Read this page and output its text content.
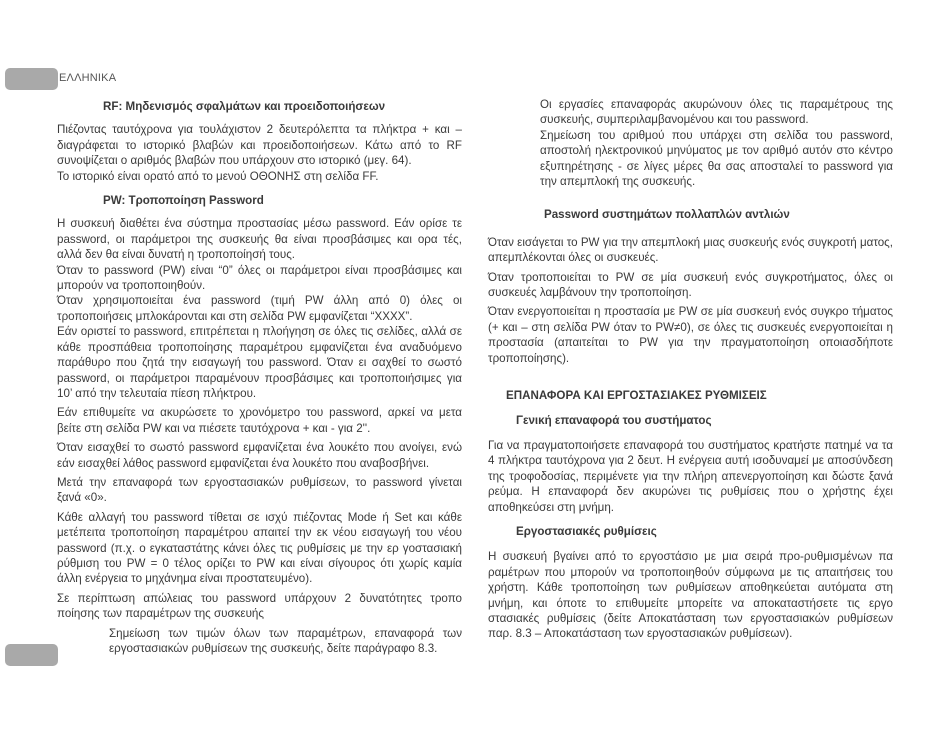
ΕΛΛΗΝΙΚΑ
RF: Μηδενισμός σφαλμάτων και προειδοποιήσεων

Πιέζοντας ταυτόχρονα για τουλάχιστον 2 δευτερόλεπτα τα πλήκτρα + και – διαγράφεται το ιστορικό βλαβών και προειδοποιήσεων. Κάτω από το RF συνοψίζεται ο αριθμός βλαβών που υπάρχουν στο ιστορικό (μεγ. 64).

Το ιστορικό είναι ορατό από το μενού ΟΘΟΝΗΣ στη σελίδα FF.

PW: Τροποποίηση Password

Η συσκευή διαθέτει ένα σύστημα προστασίας μέσω password. Εάν ορίσε τε password, οι παράμετροι της συσκευής θα είναι προσβάσιμες και ορα τές, αλλά δεν θα είναι δυνατή η τροποποίησή τους.

Όταν το password (PW) είναι “0” όλες οι παράμετροι είναι προσβάσιμες και μπορούν να τροποποιηθούν.

Όταν χρησιμοποιείται ένα password (τιμή PW άλλη από 0) όλες οι τροποποιήσεις μπλοκάρονται και στη σελίδα PW εμφανίζεται “XXXX”.

Εάν οριστεί το password, επιτρέπεται η πλοήγηση σε όλες τις σελίδες, αλλά σε κάθε προσπάθεια τροποποίησης παραμέτρου εμφανίζεται ένα αναδυόμενο παράθυρο που ζητά την εισαγωγή του password. Όταν ει σαχθεί το σωστό password, οι παράμετροι παραμένουν προσβάσιμες και τροποποιήσιμες για 10’ από την τελευταία πίεση πλήκτρου.

Εάν επιθυμείτε να ακυρώσετε το χρονόμετρο του password, αρκεί να μετα βείτε στη σελίδα PW και να πιέσετε ταυτόχρονα + και - για 2''.

Όταν εισαχθεί το σωστό password εμφανίζεται ένα λουκέτο που ανοίγει, ενώ εάν εισαχθεί λάθος password εμφανίζεται ένα λουκέτο που αναβοσβήνει.

Μετά την επαναφορά των εργοστασιακών ρυθμίσεων, το password γίνεται ξανά «0».

Κάθε αλλαγή του password τίθεται σε ισχύ πιέζοντας Mode ή Set και κάθε μετέπειτα τροποποίηση παραμέτρου απαιτεί την εκ νέου εισαγωγή του νέου password (π.χ. ο εγκαταστάτης κάνει όλες τις ρυθμίσεις με την ερ γοστασιακή ρύθμιση του PW = 0 τέλος ορίζει το PW και είναι σίγουρος ότι χωρίς καμία άλλη ενέργεια το μηχάνημα είναι προστατευμένο).

Σε περίπτωση απώλειας του password υπάρχουν 2 δυνατότητες τροπο ποίησης των παραμέτρων της συσκευής

Σημείωση των τιμών όλων των παραμέτρων, επαναφορά των εργοστασιακών ρυθμίσεων της συσκευής, δείτε παράγραφο 8.3.

Οι εργασίες επαναφοράς ακυρώνουν όλες τις παραμέτρους της συσκευής, συμπεριλαμβανομένου και του password.

Σημείωση του αριθμού που υπάρχει στη σελίδα του password, αποστολή ηλεκτρονικού μηνύματος με τον αριθμό αυτόν στο κέντρο εξυπηρέτησης - σε λίγες μέρες θα σας αποσταλεί το password για την απεμπλοκή της συσκευής.

Password συστημάτων πολλαπλών αντλιών

Όταν εισάγεται το PW για την απεμπλοκή μιας συσκευής ενός συγκροτή ματος, απεμπλέκονται όλες οι συσκευές.

Όταν τροποποιείται το PW σε μία συσκευή ενός συγκροτήματος, όλες οι συσκευές λαμβάνουν την τροποποίηση.

Όταν ενεργοποιείται η προστασία με PW σε μία συσκευή ενός συγκρο τήματος (+ και – στη σελίδα PW όταν το PW≠0), σε όλες τις συσκευές ενεργοποιείται η προστασία (απαιτείται το PW για την πραγματοποίηση οποιασδήποτε τροποποίησης).

ΕΠΑΝΑΦΟΡΑ ΚΑΙ ΕΡΓΟΣΤΑΣΙΑΚΕΣ ΡΥΘΜΙΣΕΙΣ
Γενική επαναφορά του συστήματος

Για να πραγματοποιήσετε επαναφορά του συστήματος κρατήστε πατημέ να τα 4 πλήκτρα ταυτόχρονα για 2 δευτ. Η ενέργεια αυτή ισοδυναμεί με αποσύνδεση της τροφοδοσίας, περιμένετε για την πλήρη απενεργοποίηση και δώστε ξανά ρεύμα. Η επαναφορά δεν ακυρώνει τις ρυθμίσεις που ο χρήστης έχει αποθηκεύσει στη μνήμη.

Εργοστασιακές ρυθμίσεις

Η συσκευή βγαίνει από το εργοστάσιο με μια σειρά προ-ρυθμισμένων πα ραμέτρων που μπορούν να τροποποιηθούν σύμφωνα με τις απαιτήσεις του χρήστη. Κάθε τροποποίηση των ρυθμίσεων αποθηκεύεται αυτόματα στη μνήμη, και όποτε το επιθυμείτε μπορείτε να αποκαταστήσετε τις εργο στασιακές ρυθμίσεις (δείτε Αποκατάσταση των εργοστασιακών ρυθμίσεων παρ. 8.3 – Αποκατάσταση των εργοστασιακών ρυθμίσεων).
